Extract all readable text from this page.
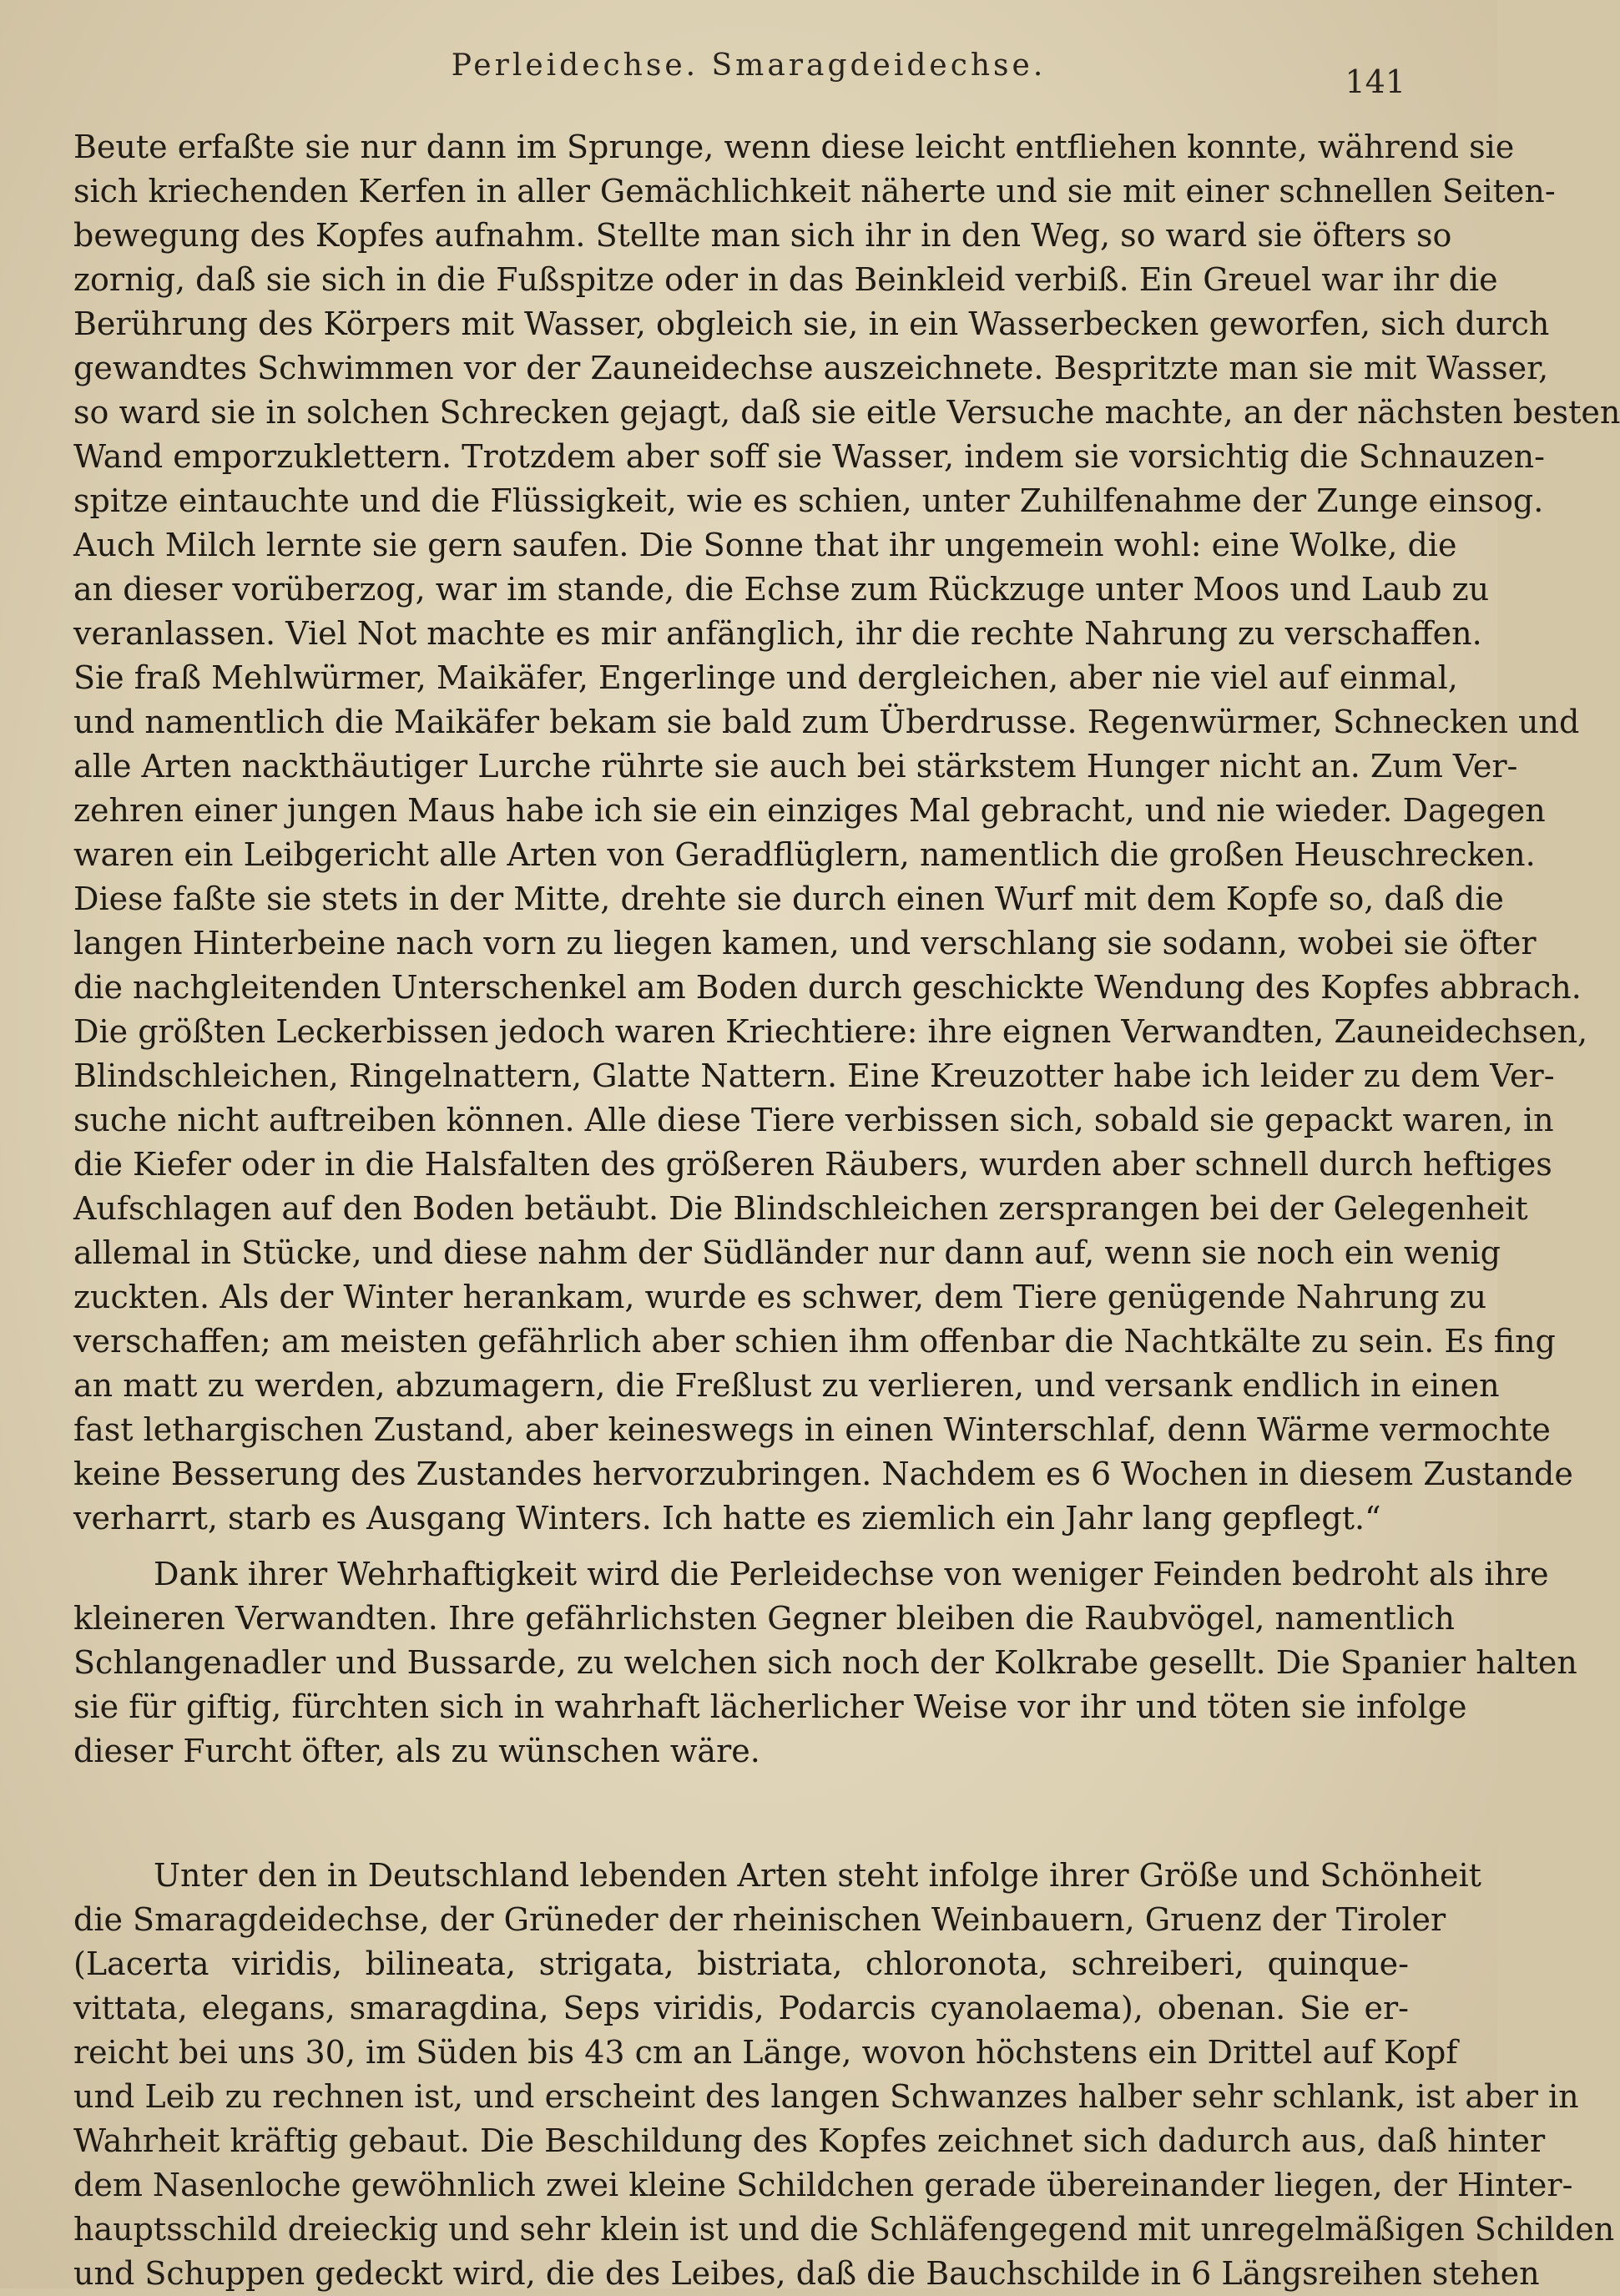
Perleidechse. Smaragdeidechse.	141

Beute erfaßte sie nur dann im Sprunge, wenn diese leicht entfliehen konnte, während sie

sich kriechenden Kerfen in aller Gemächlichkeit näherte und sie mit einer schnellen Seiten-

bewegung des Kopfes aufnahm. Stellte man sich ihr in den Weg, so ward sie öfters so

zornig, daß sie sich in die Fußspitze oder in das Beinkleid verbiß. Ein Greuel war ihr die

Berührung des Körpers mit Wasser, obgleich sie, in ein Wasserbecken geworfen, sich durch

gewandtes Schwimmen vor der Zauneidechse auszeichnete. Bespritzte man sie mit Wasser,

so ward sie in solchen Schrecken gejagt, daß sie eitle Versuche machte, an der nächsten besten

Wand emporzuklettern. Trotzdem aber soff sie Wasser, indem sie vorsichtig die Schnauzen-

spitze eintauchte und die Flüssigkeit, wie es schien, unter Zuhilfenahme der Zunge einsog.

Auch Milch lernte sie gern saufen. Die Sonne that ihr ungemein wohl: eine Wolke, die

an dieser vorüberzog, war im stande, die Echse zum Rückzuge unter Moos und Laub zu

veranlassen. Viel Not machte es mir anfänglich, ihr die rechte Nahrung zu verschaffen.

Sie fraß Mehlwürmer, Maikäfer, Engerlinge und dergleichen, aber nie viel auf einmal,

und namentlich die Maikäfer bekam sie bald zum Überdrusse. Regenwürmer, Schnecken und

alle Arten nackthäutiger Lurche rührte sie auch bei stärkstem Hunger nicht an. Zum Ver-

zehren einer jungen Maus habe ich sie ein einziges Mal gebracht, und nie wieder. Dagegen

waren ein Leibgericht alle Arten von Geradflüglern, namentlich die großen Heuschrecken.

Diese faßte sie stets in der Mitte, drehte sie durch einen Wurf mit dem Kopfe so, daß die

langen Hinterbeine nach vorn zu liegen kamen, und verschlang sie sodann, wobei sie öfter

die nachgleitenden Unterschenkel am Boden durch geschickte Wendung des Kopfes abbrach.

Die größten Leckerbissen jedoch waren Kriechtiere: ihre eignen Verwandten, Zauneidechsen,

Blindschleichen, Ringelnattern, Glatte Nattern. Eine Kreuzotter habe ich leider zu dem Ver-

suche nicht auftreiben können. Alle diese Tiere verbissen sich, sobald sie gepackt waren, in

die Kiefer oder in die Halsfalten des größeren Räubers, wurden aber schnell durch heftiges

Aufschlagen auf den Boden betäubt. Die Blindschleichen zersprangen bei der Gelegenheit

allemal in Stücke, und diese nahm der Südländer nur dann auf, wenn sie noch ein wenig

zuckten. Als der Winter herankam, wurde es schwer, dem Tiere genügende Nahrung zu

verschaffen; am meisten gefährlich aber schien ihm offenbar die Nachtkälte zu sein. Es fing

an matt zu werden, abzumagern, die Freßlust zu verlieren, und versank endlich in einen

fast lethargischen Zustand, aber keineswegs in einen Winterschlaf, denn Wärme vermochte

keine Besserung des Zustandes hervorzubringen. Nachdem es 6 Wochen in diesem Zustande

verharrt, starb es Ausgang Winters. Ich hatte es ziemlich ein Jahr lang gepflegt.“

Dank ihrer Wehrhaftigkeit wird die Perleidechse von weniger Feinden bedroht als ihre

kleineren Verwandten. Ihre gefährlichsten Gegner bleiben die Raubvögel, namentlich

Schlangenadler und Bussarde, zu welchen sich noch der Kolkrabe gesellt. Die Spanier halten

sie für giftig, fürchten sich in wahrhaft lächerlicher Weise vor ihr und töten sie infolge

dieser Furcht öfter, als zu wünschen wäre.

Unter den in Deutschland lebenden Arten steht infolge ihrer Größe und Schönheit

die Smaragdeidechse, der Grüneder der rheinischen Weinbauern, Gruenz der Tiroler

(Lacerta viridis, bilineata, strigata, bistriata, chloronota, schreiberi, quinque-

vittata, elegans, smaragdina, Seps viridis, Podarcis cyanolaema), obenan. Sie er-

reicht bei uns 30, im Süden bis 43 cm an Länge, wovon höchstens ein Drittel auf Kopf

und Leib zu rechnen ist, und erscheint des langen Schwanzes halber sehr schlank, ist aber in

Wahrheit kräftig gebaut. Die Beschildung des Kopfes zeichnet sich dadurch aus, daß hinter

dem Nasenloche gewöhnlich zwei kleine Schildchen gerade übereinander liegen, der Hinter-

hauptsschild dreieckig und sehr klein ist und die Schläfengegend mit unregelmäßigen Schilden

und Schuppen gedeckt wird, die des Leibes, daß die Bauchschilde in 6 Längsreihen stehen
